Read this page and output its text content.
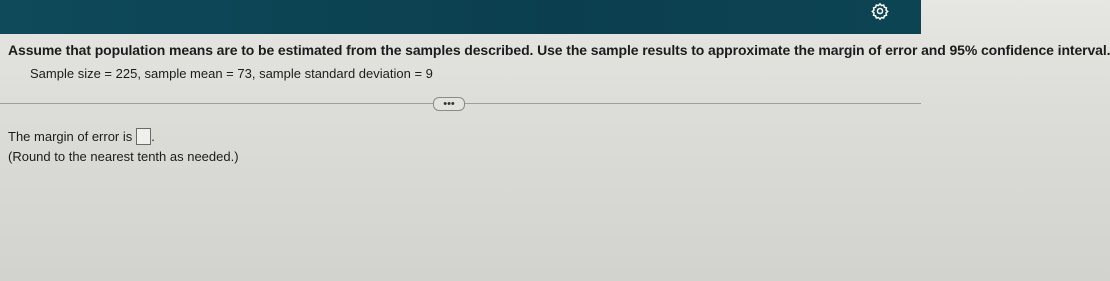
Assume that population means are to be estimated from the samples described. Use the sample results to approximate the margin of error and 95% confidence interval.
Sample size = 225, sample mean = 73, sample standard deviation = 9
•••
The margin of error is .
(Round to the nearest tenth as needed.)
